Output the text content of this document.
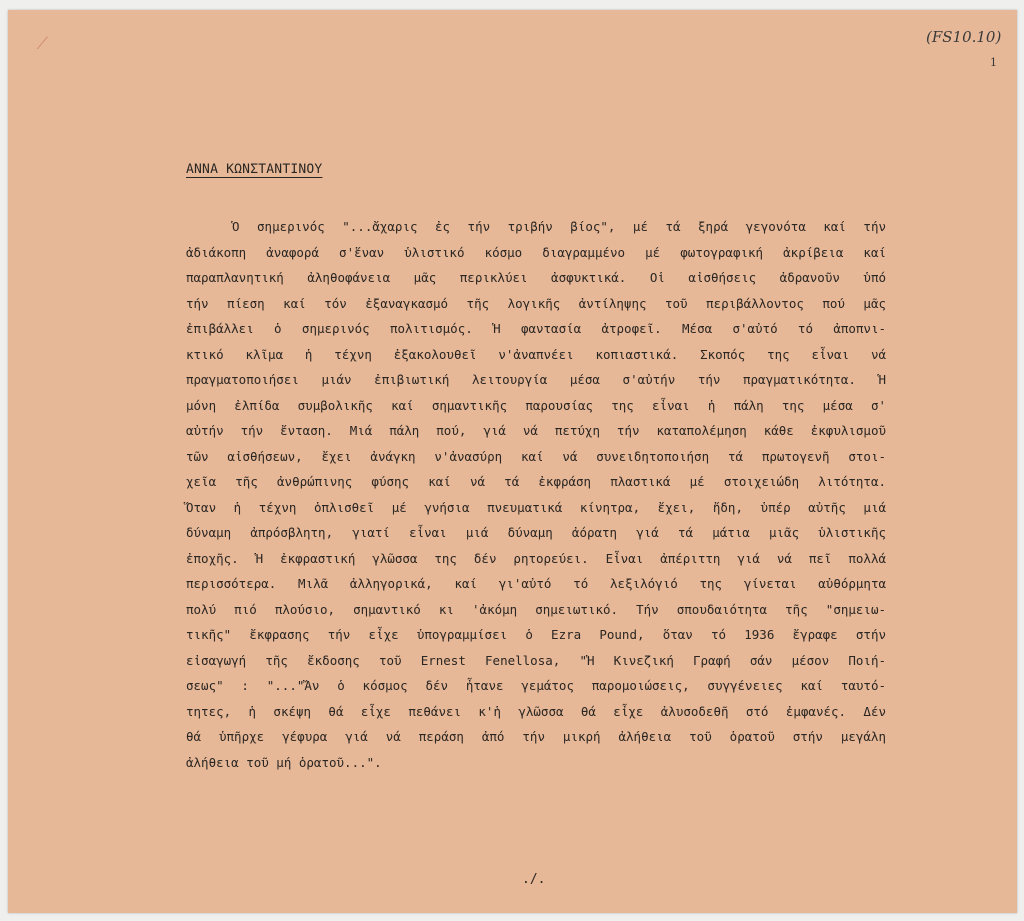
(FS10.10)
1
ΑΝΝΑ ΚΩΝΣΤΑΝΤΙΝΟΥ
Ὁ σημερινός "...ἄχαρις ἐς τήν τριβήν βίος", μέ τά ξηρά γεγονότα καί τήν
ἀδιάκοπη ἀναφορά σ'ἕναν ὑλιστικό κόσμο διαγραμμένο μέ φωτογραφική ἀκρίβεια καί
παραπλανητική ἀληθοφάνεια μᾶς περικλύει ἀσφυκτικά. Οἱ αἰσθήσεις ἀδρανοῦν ὑπό
τήν πίεση καί τόν ἐξαναγκασμό τῆς λογικῆς ἀντίληψης τοῦ περιβάλλοντος πού μᾶς
ἐπιβάλλει ὁ σημερινός πολιτισμός. Ἡ φαντασία ἀτροφεῖ. Μέσα σ'αὐτό τό ἀποπνι-
κτικό κλῖμα ἡ τέχνη ἐξακολουθεῖ ν'ἀναπνέει κοπιαστικά. Σκοπός της εἶναι νά
πραγματοποιήσει μιάν ἐπιβιωτική λειτουργία μέσα σ'αὐτήν τήν πραγματικότητα. Ἡ
μόνη ἐλπίδα συμβολικῆς καί σημαντικῆς παρουσίας της εἶναι ἡ πάλη της μέσα σ'
αὐτήν τήν ἔνταση. Μιά πάλη πού, γιά νά πετύχη τήν καταπολέμηση κάθε ἐκφυλισμοῦ
τῶν αἰσθήσεων, ἔχει ἀνάγκη ν'ἀνασύρη καί νά συνειδητοποιήση τά πρωτογενῆ στοι-
χεῖα τῆς ἀνθρώπινης φύσης καί νά τά ἐκφράση πλαστικά μέ στοιχειώδη λιτότητα.
Ὅταν ἡ τέχνη ὁπλισθεῖ μέ γνήσια πνευματικά κίνητρα, ἔχει, ἤδη, ὑπέρ αὐτῆς μιά
δύναμη ἀπρόσβλητη, γιατί εἶναι μιά δύναμη ἀόρατη γιά τά μάτια μιᾶς ὑλιστικῆς
ἐποχῆς. Ἡ ἐκφραστική γλῶσσα της δέν ρητορεύει. Εἶναι ἀπέριττη γιά νά πεῖ πολλά
περισσότερα. Μιλᾶ ἀλληγορικά, καί γι'αὐτό τό λεξιλόγιό της γίνεται αὐθόρμητα
πολύ πιό πλούσιο, σημαντικό κι 'ἀκόμη σημειωτικό. Τήν σπουδαιότητα τῆς "σημειω-
τικῆς" ἔκφρασης τήν εἶχε ὑπογραμμίσει ὁ Ezra Pound, ὅταν τό 1936 ἔγραφε στήν
εἰσαγωγή τῆς ἔκδοσης τοῦ Ernest Fenellosa, "Ἡ Κινεζική Γραφή σάν μέσον Ποιή-
σεως" : "..."Ἄν ὁ κόσμος δέν ἦτανε γεμάτος παρομοιώσεις, συγγένειες καί ταυτό-
τητες, ἡ σκέψη θά εἶχε πεθάνει κ'ἡ γλῶσσα θά εἶχε ἀλυσοδεθῆ στό ἐμφανές. Δέν
θά ὑπῆρχε γέφυρα γιά νά περάση ἀπό τήν μικρή ἀλήθεια τοῦ ὁρατοῦ στήν μεγάλη
ἀλήθεια τοῦ μή ὁρατοῦ...".
./.
